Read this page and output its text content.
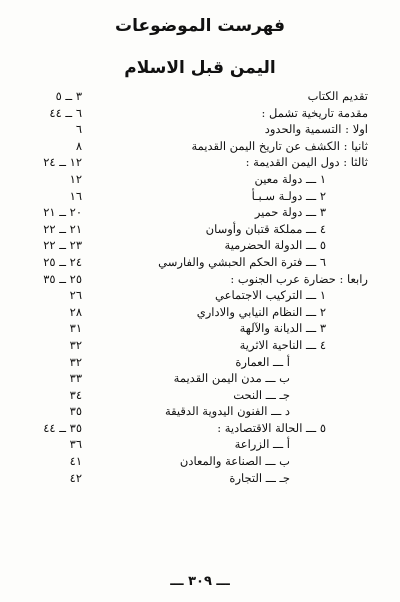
فهرست الموضوعات
اليمن قبل الاسلام
تقديم الكتاب
٣ ــ ٥
مقدمة تاريخية تشمل :
٦ ــ ٤٤
اولا : التسمية والحدود
٦
ثانيا : الكشف عن تاريخ اليمن القديمة
٨
ثالثا : دول اليمن القديمة :
١٢ ــ ٢٤
١ ـــ دولة معين
١٢
٢ ـــ دولـة سـبـأ
١٦
٣ ـــ دولة حمير
٢٠ ــ ٢١
٤ ـــ مملكة قتبان وأوسان
٢١ ــ ٢٢
٥ ـــ الدولة الحضرمية
٢٣ ــ ٢٢
٦ ـــ فترة الحكم الحبشي والفارسي
٢٤ ــ ٢٥
رابعا : حضارة عرب الجنوب :
٢٥ ــ ٣٥
١ ـــ التركيب الاجتماعي
٢٦
٢ ـــ النظام النيابي والاداري
٢٨
٣ ـــ الديانة والآلهة
٣١
٤ ـــ الناحية الاثرية
٣٢
أ ـــ العمارة
٣٢
ب ـــ مدن اليمن القديمة
٣٣
جـ ـــ النحت
٣٤
د ـــ الفنون اليدوية الدقيقة
٣٥
٥ ـــ الحالة الاقتصادية :
٣٥ ــ ٤٤
أ ـــ الزراعة
٣٦
ب ـــ الصناعة والمعادن
٤١
جـ ـــ التجارة
٤٢
ـــ ٣٠٩ ـــ
